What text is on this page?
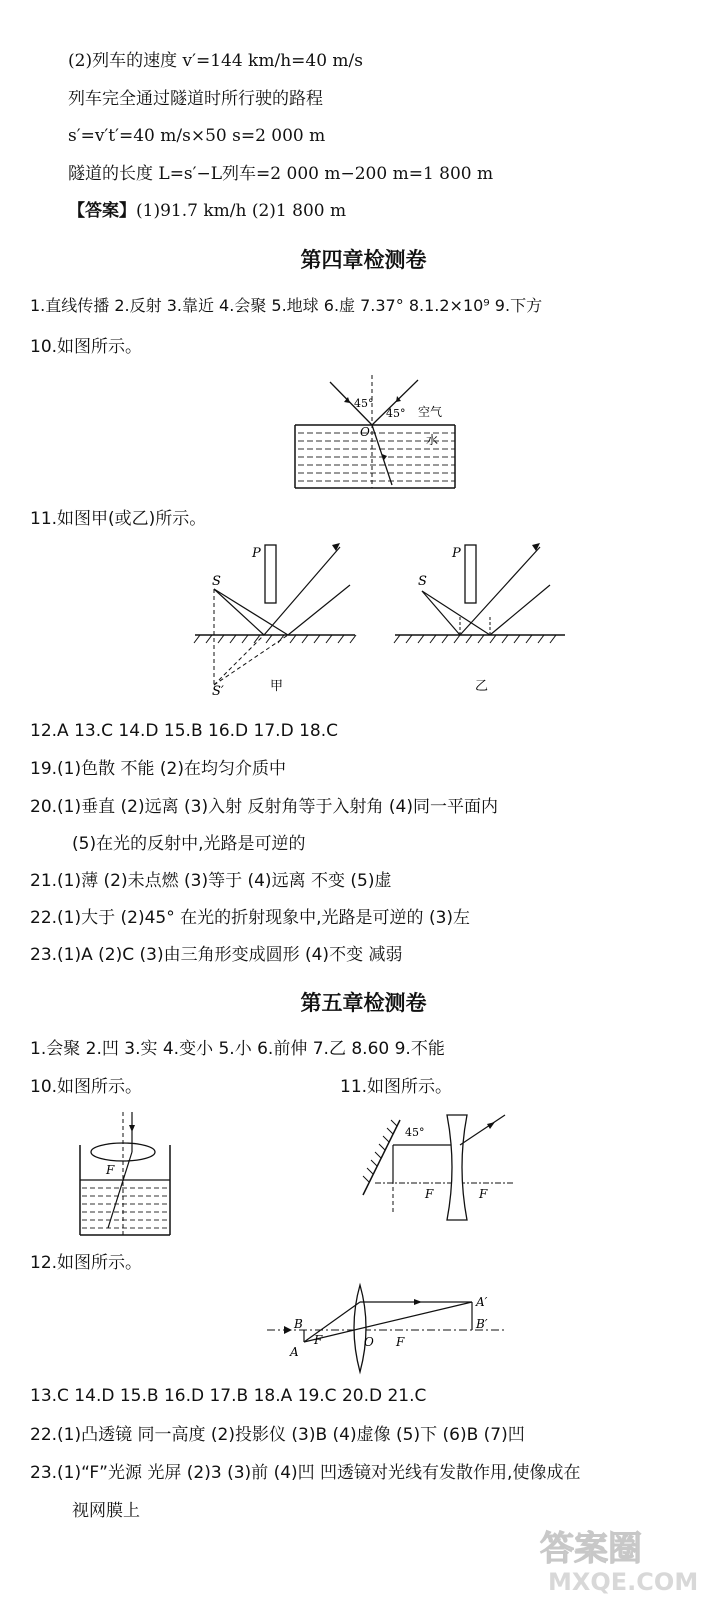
(2)列车的速度 v′=144 km/h=40 m/s
列车完全通过隧道时所行驶的路程
s′=v′t′=40 m/s×50 s=2 000 m
隧道的长度 L=s′−L列车=2 000 m−200 m=1 800 m
【答案】(1)91.7 km/h (2)1 800 m
第四章检测卷
1.直线传播 2.反射 3.靠近 4.会聚 5.地球 6.虚 7.37° 8.1.2×10⁹ 9.下方
10.如图所示。
45°
45°
O
空气
水
11.如图甲(或乙)所示。
P
S
S′	甲
P
S
乙
12.A 13.C 14.D 15.B 16.D 17.D 18.C
19.(1)色散 不能 (2)在均匀介质中
20.(1)垂直 (2)远离 (3)入射 反射角等于入射角 (4)同一平面内
(5)在光的反射中,光路是可逆的
21.(1)薄 (2)未点燃 (3)等于 (4)远离 不变 (5)虚
22.(1)大于 (2)45° 在光的折射现象中,光路是可逆的 (3)左
23.(1)A (2)C (3)由三角形变成圆形 (4)不变 减弱
第五章检测卷
1.会聚 2.凹 3.实 4.变小 5.小 6.前伸 7.乙 8.60 9.不能
10.如图所示。	11.如图所示。
F
45°
F	F
12.如图所示。
B
A
F	O F
A′
B′
13.C 14.D 15.B 16.D 17.B 18.A 19.C 20.D 21.C
22.(1)凸透镜 同一高度 (2)投影仪 (3)B (4)虚像 (5)下 (6)B (7)凹
23.(1)“F”光源 光屏 (2)3 (3)前 (4)凹 凹透镜对光线有发散作用,使像成在
视网膜上
答案圈
MXQE.COM
